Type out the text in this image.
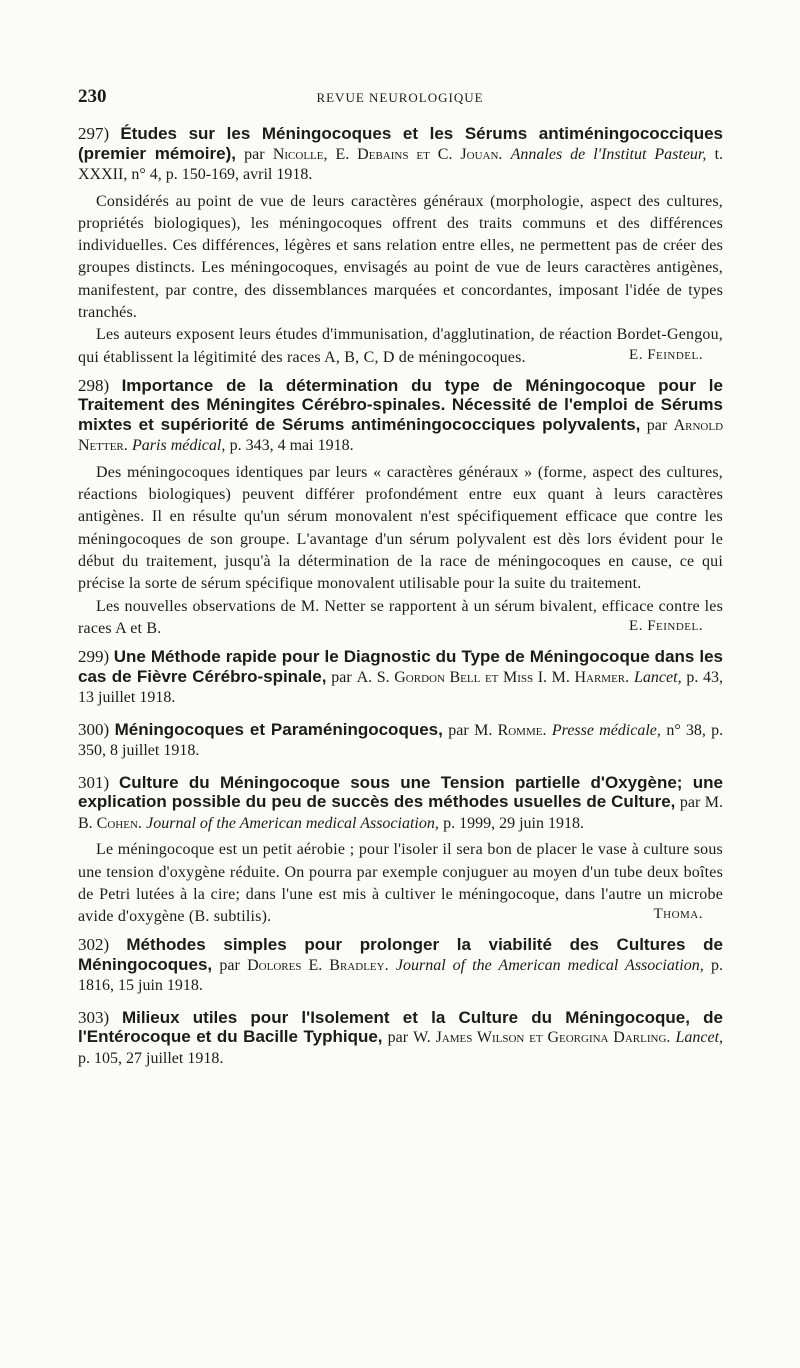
230	REVUE NEUROLOGIQUE
297) Études sur les Méningocoques et les Sérums antiméningococciques (premier mémoire), par Nicolle, E. Debains et C. Jouan. Annales de l'Institut Pasteur, t. XXXII, n° 4, p. 150-169, avril 1918.

Considérés au point de vue de leurs caractères généraux (morphologie, aspect des cultures, propriétés biologiques), les méningocoques offrent des traits communs et des différences individuelles. Ces différences, légères et sans relation entre elles, ne permettent pas de créer des groupes distincts. Les méningocoques, envisagés au point de vue de leurs caractères antigènes, manifestent, par contre, des dissemblances marquées et concordantes, imposant l'idée de types tranchés.

Les auteurs exposent leurs études d'immunisation, d'agglutination, de réaction Bordet-Gengou, qui établissent la légitimité des races A, B, C, D de méningocoques.	E. Feindel.
298) Importance de la détermination du type de Méningocoque pour le Traitement des Méningites Cérébro-spinales. Nécessité de l'emploi de Sérums mixtes et supériorité de Sérums antiméningococciques polyvalents, par Arnold Netter. Paris médical, p. 343, 4 mai 1918.

Des méningocoques identiques par leurs « caractères généraux » (forme, aspect des cultures, réactions biologiques) peuvent différer profondément entre eux quant à leurs caractères antigènes. Il en résulte qu'un sérum monovalent n'est spécifiquement efficace que contre les méningocoques de son groupe. L'avantage d'un sérum polyvalent est dès lors évident pour le début du traitement, jusqu'à la détermination de la race de méningocoques en cause, ce qui précise la sorte de sérum spécifique monovalent utilisable pour la suite du traitement.

Les nouvelles observations de M. Netter se rapportent à un sérum bivalent, efficace contre les races A et B.	E. Feindel.
299) Une Méthode rapide pour le Diagnostic du Type de Méningocoque dans les cas de Fièvre Cérébro-spinale, par A. S. Gordon Bell et Miss I. M. Harmer. Lancet, p. 43, 13 juillet 1918.
300) Méningocoques et Paraméningocoques, par M. Romme. Presse médicale, n° 38, p. 350, 8 juillet 1918.
301) Culture du Méningocoque sous une Tension partielle d'Oxygène; une explication possible du peu de succès des méthodes usuelles de Culture, par M. B. Cohen. Journal of the American medical Association, p. 1999, 29 juin 1918.

Le méningocoque est un petit aérobie ; pour l'isoler il sera bon de placer le vase à culture sous une tension d'oxygène réduite. On pourra par exemple conjuguer au moyen d'un tube deux boîtes de Petri lutées à la cire; dans l'une est mis à cultiver le méningocoque, dans l'autre un microbe avide d'oxygène (B. subtilis).	Thoma.
302) Méthodes simples pour prolonger la viabilité des Cultures de Méningocoques, par Dolores E. Bradley. Journal of the American medical Association, p. 1816, 15 juin 1918.
303) Milieux utiles pour l'Isolement et la Culture du Méningocoque, de l'Entérocoque et du Bacille Typhique, par W. James Wilson et Georgina Darling. Lancet, p. 105, 27 juillet 1918.
